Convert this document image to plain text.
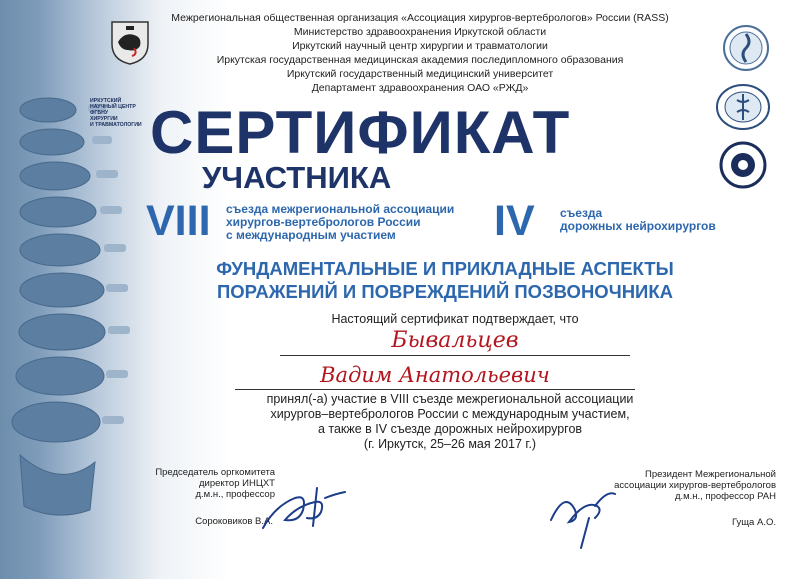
Межрегиональная общественная организация «Ассоциация хирургов-вертебрологов» России (RASS)
Министерство здравоохранения Иркутской области
Иркутский научный центр хирургии и травматологии
Иркутская государственная медицинская академия последипломного образования
Иркутский государственный медицинский университет
Департамент здравоохранения ОАО «РЖД»
ИРКУТСКИЙ
НАУЧНЫЙ ЦЕНТР
ФГБНУ
ХИРУРГИИ
И ТРАВМАТОЛОГИИ СЕРТИФИКАТ
УЧАСТНИКА
VIII съезда межрегиональной ассоциации
хирургов-вертебрологов России
с международным участием	IV съезда
дорожных нейрохирургов
ФУНДАМЕНТАЛЬНЫЕ И ПРИКЛАДНЫЕ АСПЕКТЫ
ПОРАЖЕНИЙ И ПОВРЕЖДЕНИЙ ПОЗВОНОЧНИКА
Настоящий сертификат подтверждает, что
Бывальцев
Вадим Анатольевич
принял(-а) участие в VIII съезде межрегиональной ассоциации
хирургов–вертебрологов России с международным участием,
а также в IV съезде дорожных нейрохирургов
(г. Иркутск, 25–26 мая 2017 г.)
Председатель оргкомитета
директор ИНЦХТ
д.м.н., профессор
Сороковиков В.А.
Президент Межрегиональной
ассоциации хирургов-вертебрологов
д.м.н., профессор РАН
Гуща А.О.
